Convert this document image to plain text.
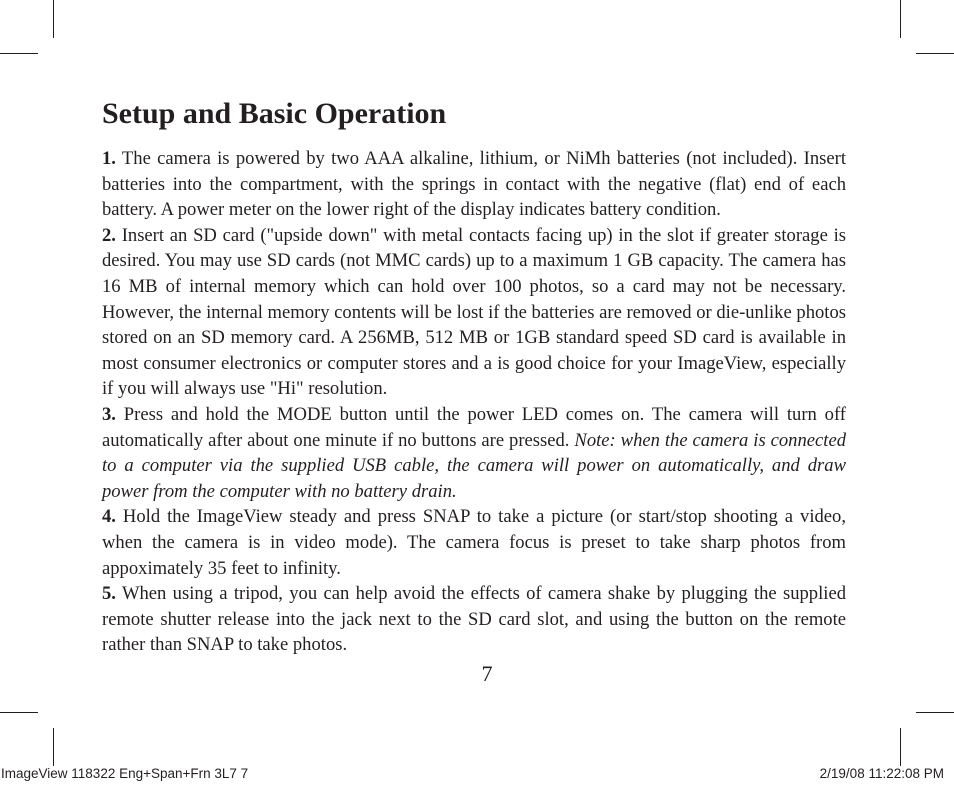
Setup and Basic Operation

1. The camera is powered by two AAA alkaline, lithium, or NiMh batteries (not included). Insert batteries into the compartment, with the springs in contact with the negative (flat) end of each battery. A power meter on the lower right of the display indicates battery condition.

2. Insert an SD card ("upside down" with metal contacts facing up) in the slot if greater storage is desired. You may use SD cards (not MMC cards) up to a maximum 1 GB capacity. The camera has 16 MB of internal memory which can hold over 100 photos, so a card may not be necessary. However, the internal memory contents will be lost if the batteries are removed or die-unlike photos stored on an SD memory card. A 256MB, 512 MB or 1GB standard speed SD card is available in most consumer electronics or computer stores and a is good choice for your ImageView, especially if you will always use "Hi" resolution.

3. Press and hold the MODE button until the power LED comes on. The camera will turn off automatically after about one minute if no buttons are pressed. Note: when the camera is connected to a computer via the supplied USB cable, the camera will power on automatically, and draw power from the computer with no battery drain.

4. Hold the ImageView steady and press SNAP to take a picture (or start/stop shooting a video, when the camera is in video mode). The camera focus is preset to take sharp photos from appoximately 35 feet to infinity.

5. When using a tripod, you can help avoid the effects of camera shake by plugging the supplied remote shutter release into the jack next to the SD card slot, and using the button on the remote rather than SNAP to take photos.

7
ImageView 118322 Eng+Span+Frn 3L7 7	2/19/08 11:22:08 PM
